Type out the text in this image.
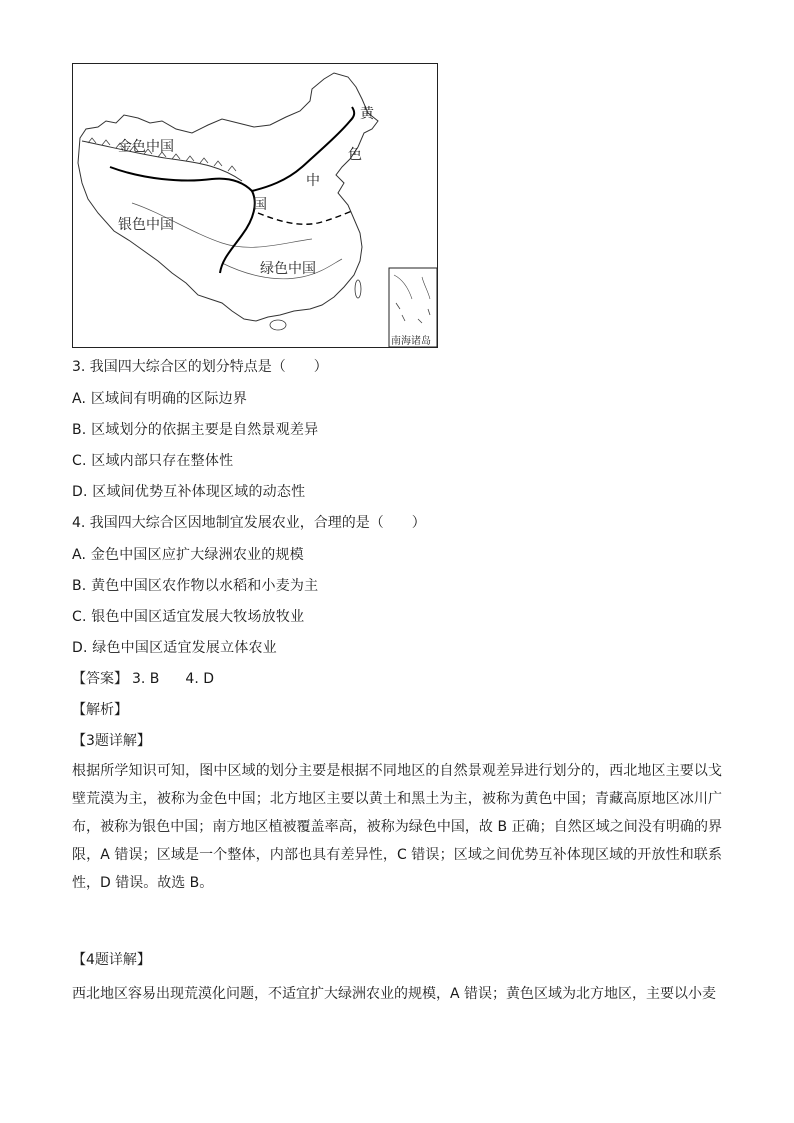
金色中国
银色中国
绿色中国
黄
色
中
国
南海诸岛
3. 我国四大综合区的划分特点是（　　）
A. 区域间有明确的区际边界
B. 区域划分的依据主要是自然景观差异
C. 区域内部只存在整体性
D. 区域间优势互补体现区域的动态性
4. 我国四大综合区因地制宜发展农业，合理的是（　　）
A. 金色中国区应扩大绿洲农业的规模
B. 黄色中国区农作物以水稻和小麦为主
C. 银色中国区适宜发展大牧场放牧业
D. 绿色中国区适宜发展立体农业
【答案】 3. B 4. D
【解析】
【3题详解】
根据所学知识可知，图中区域的划分主要是根据不同地区的自然景观差异进行划分的，西北地区主要以戈壁荒漠为主，被称为金色中国；北方地区主要以黄土和黑土为主，被称为黄色中国；青藏高原地区冰川广布，被称为银色中国；南方地区植被覆盖率高，被称为绿色中国，故 B 正确；自然区域之间没有明确的界限，A 错误；区域是一个整体，内部也具有差异性，C 错误；区域之间优势互补体现区域的开放性和联系性，D 错误。故选 B。
【4题详解】
西北地区容易出现荒漠化问题，不适宜扩大绿洲农业的规模，A 错误；黄色区域为北方地区，主要以小麦
